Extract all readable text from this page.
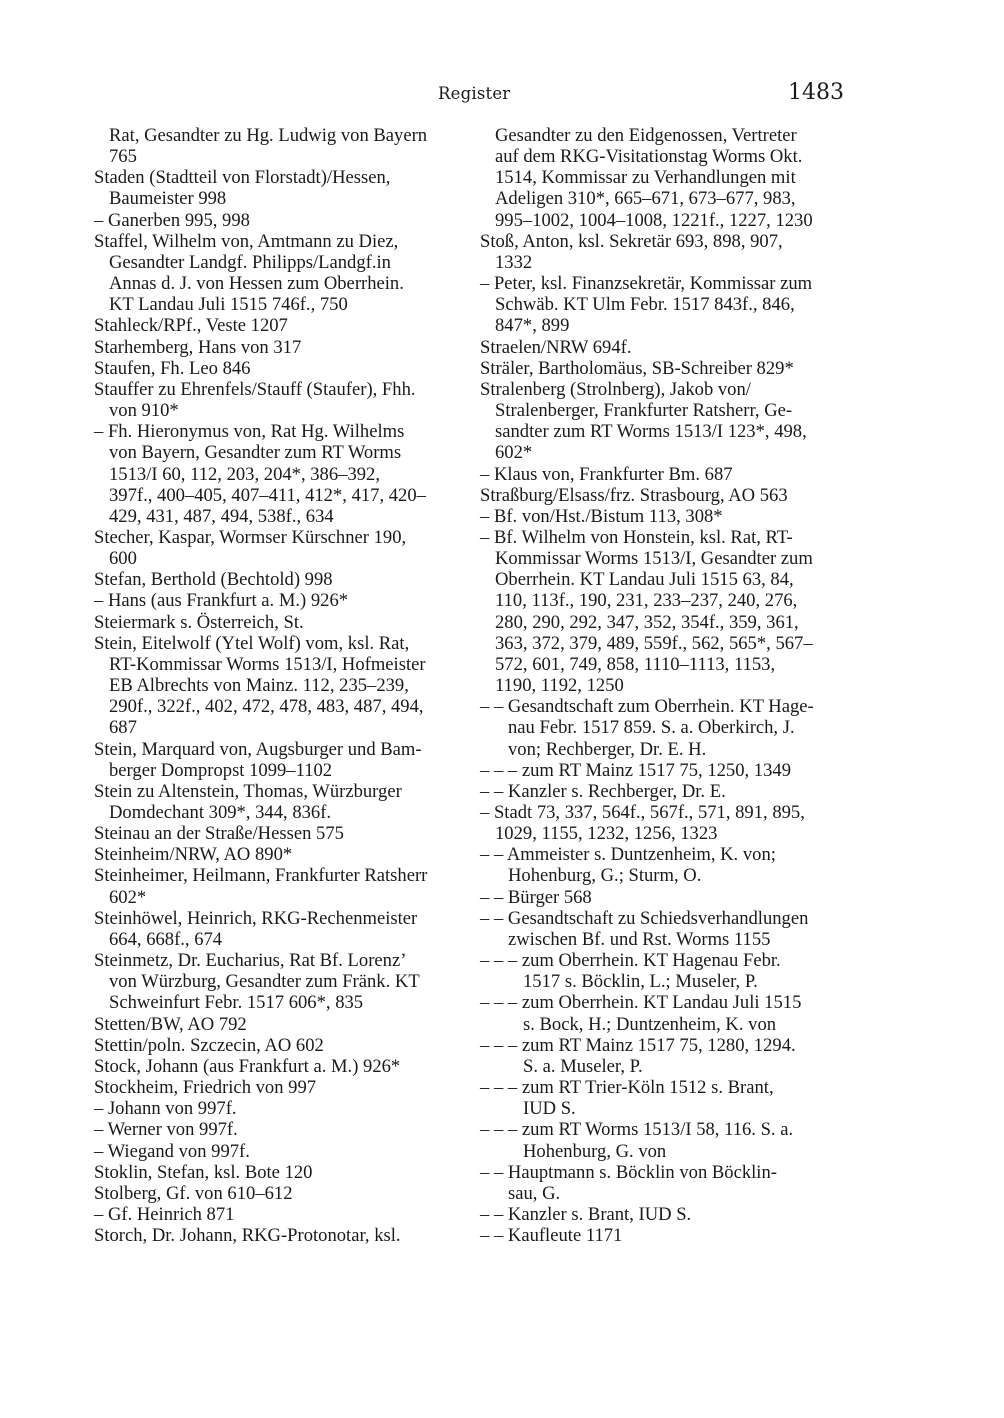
Register	1483
Rat, Gesandter zu Hg. Ludwig von Bayern
765
Staden (Stadtteil von Florstadt)/Hessen,
Baumeister 998
– Ganerben 995, 998
Staffel, Wilhelm von, Amtmann zu Diez,
Gesandter Landgf. Philipps/Landgf.in
Annas d. J. von Hessen zum Oberrhein.
KT Landau Juli 1515 746f., 750
Stahleck/RPf., Veste 1207
Starhemberg, Hans von 317
Staufen, Fh. Leo 846
Stauffer zu Ehrenfels/Stauff (Staufer), Fhh.
von 910*
– Fh. Hieronymus von, Rat Hg. Wilhelms
von Bayern, Gesandter zum RT Worms
1513/I 60, 112, 203, 204*, 386–392,
397f., 400–405, 407–411, 412*, 417, 420–
429, 431, 487, 494, 538f., 634
Stecher, Kaspar, Wormser Kürschner 190,
600
Stefan, Berthold (Bechtold) 998
– Hans (aus Frankfurt a. M.) 926*
Steiermark s. Österreich, St.
Stein, Eitelwolf (Ytel Wolf) vom, ksl. Rat,
RT-Kommissar Worms 1513/I, Hofmeister
EB Albrechts von Mainz. 112, 235–239,
290f., 322f., 402, 472, 478, 483, 487, 494,
687
Stein, Marquard von, Augsburger und Bam-
berger Dompropst 1099–1102
Stein zu Altenstein, Thomas, Würzburger
Domdechant 309*, 344, 836f.
Steinau an der Straße/Hessen 575
Steinheim/NRW, AO 890*
Steinheimer, Heilmann, Frankfurter Ratsherr
602*
Steinhöwel, Heinrich, RKG-Rechenmeister
664, 668f., 674
Steinmetz, Dr. Eucharius, Rat Bf. Lorenz’
von Würzburg, Gesandter zum Fränk. KT
Schweinfurt Febr. 1517 606*, 835
Stetten/BW, AO 792
Stettin/poln. Szczecin, AO 602
Stock, Johann (aus Frankfurt a. M.) 926*
Stockheim, Friedrich von 997
– Johann von 997f.
– Werner von 997f.
– Wiegand von 997f.
Stoklin, Stefan, ksl. Bote 120
Stolberg, Gf. von 610–612
– Gf. Heinrich 871
Storch, Dr. Johann, RKG-Protonotar, ksl.
Gesandter zu den Eidgenossen, Vertreter
auf dem RKG-Visitationstag Worms Okt.
1514, Kommissar zu Verhandlungen mit
Adeligen 310*, 665–671, 673–677, 983,
995–1002, 1004–1008, 1221f., 1227, 1230
Stoß, Anton, ksl. Sekretär 693, 898, 907,
1332
– Peter, ksl. Finanzsekretär, Kommissar zum
Schwäb. KT Ulm Febr. 1517 843f., 846,
847*, 899
Straelen/NRW 694f.
Sträler, Bartholomäus, SB-Schreiber 829*
Stralenberg (Strolnberg), Jakob von/
Stralenberger, Frankfurter Ratsherr, Ge-
sandter zum RT Worms 1513/I 123*, 498,
602*
– Klaus von, Frankfurter Bm. 687
Straßburg/Elsass/frz. Strasbourg, AO 563
– Bf. von/Hst./Bistum 113, 308*
– Bf. Wilhelm von Honstein, ksl. Rat, RT-
Kommissar Worms 1513/I, Gesandter zum
Oberrhein. KT Landau Juli 1515 63, 84,
110, 113f., 190, 231, 233–237, 240, 276,
280, 290, 292, 347, 352, 354f., 359, 361,
363, 372, 379, 489, 559f., 562, 565*, 567–
572, 601, 749, 858, 1110–1113, 1153,
1190, 1192, 1250
– – Gesandtschaft zum Oberrhein. KT Hage-
nau Febr. 1517 859. S. a. Oberkirch, J.
von; Rechberger, Dr. E. H.
– – – zum RT Mainz 1517 75, 1250, 1349
– – Kanzler s. Rechberger, Dr. E.
– Stadt 73, 337, 564f., 567f., 571, 891, 895,
1029, 1155, 1232, 1256, 1323
– – Ammeister s. Duntzenheim, K. von;
Hohenburg, G.; Sturm, O.
– – Bürger 568
– – Gesandtschaft zu Schiedsverhandlungen
zwischen Bf. und Rst. Worms 1155
– – – zum Oberrhein. KT Hagenau Febr.
1517 s. Böcklin, L.; Museler, P.
– – – zum Oberrhein. KT Landau Juli 1515
s. Bock, H.; Duntzenheim, K. von
– – – zum RT Mainz 1517 75, 1280, 1294.
S. a. Museler, P.
– – – zum RT Trier-Köln 1512 s. Brant,
IUD S.
– – – zum RT Worms 1513/I 58, 116. S. a.
Hohenburg, G. von
– – Hauptmann s. Böcklin von Böcklin-
sau, G.
– – Kanzler s. Brant, IUD S.
– – Kaufleute 1171
